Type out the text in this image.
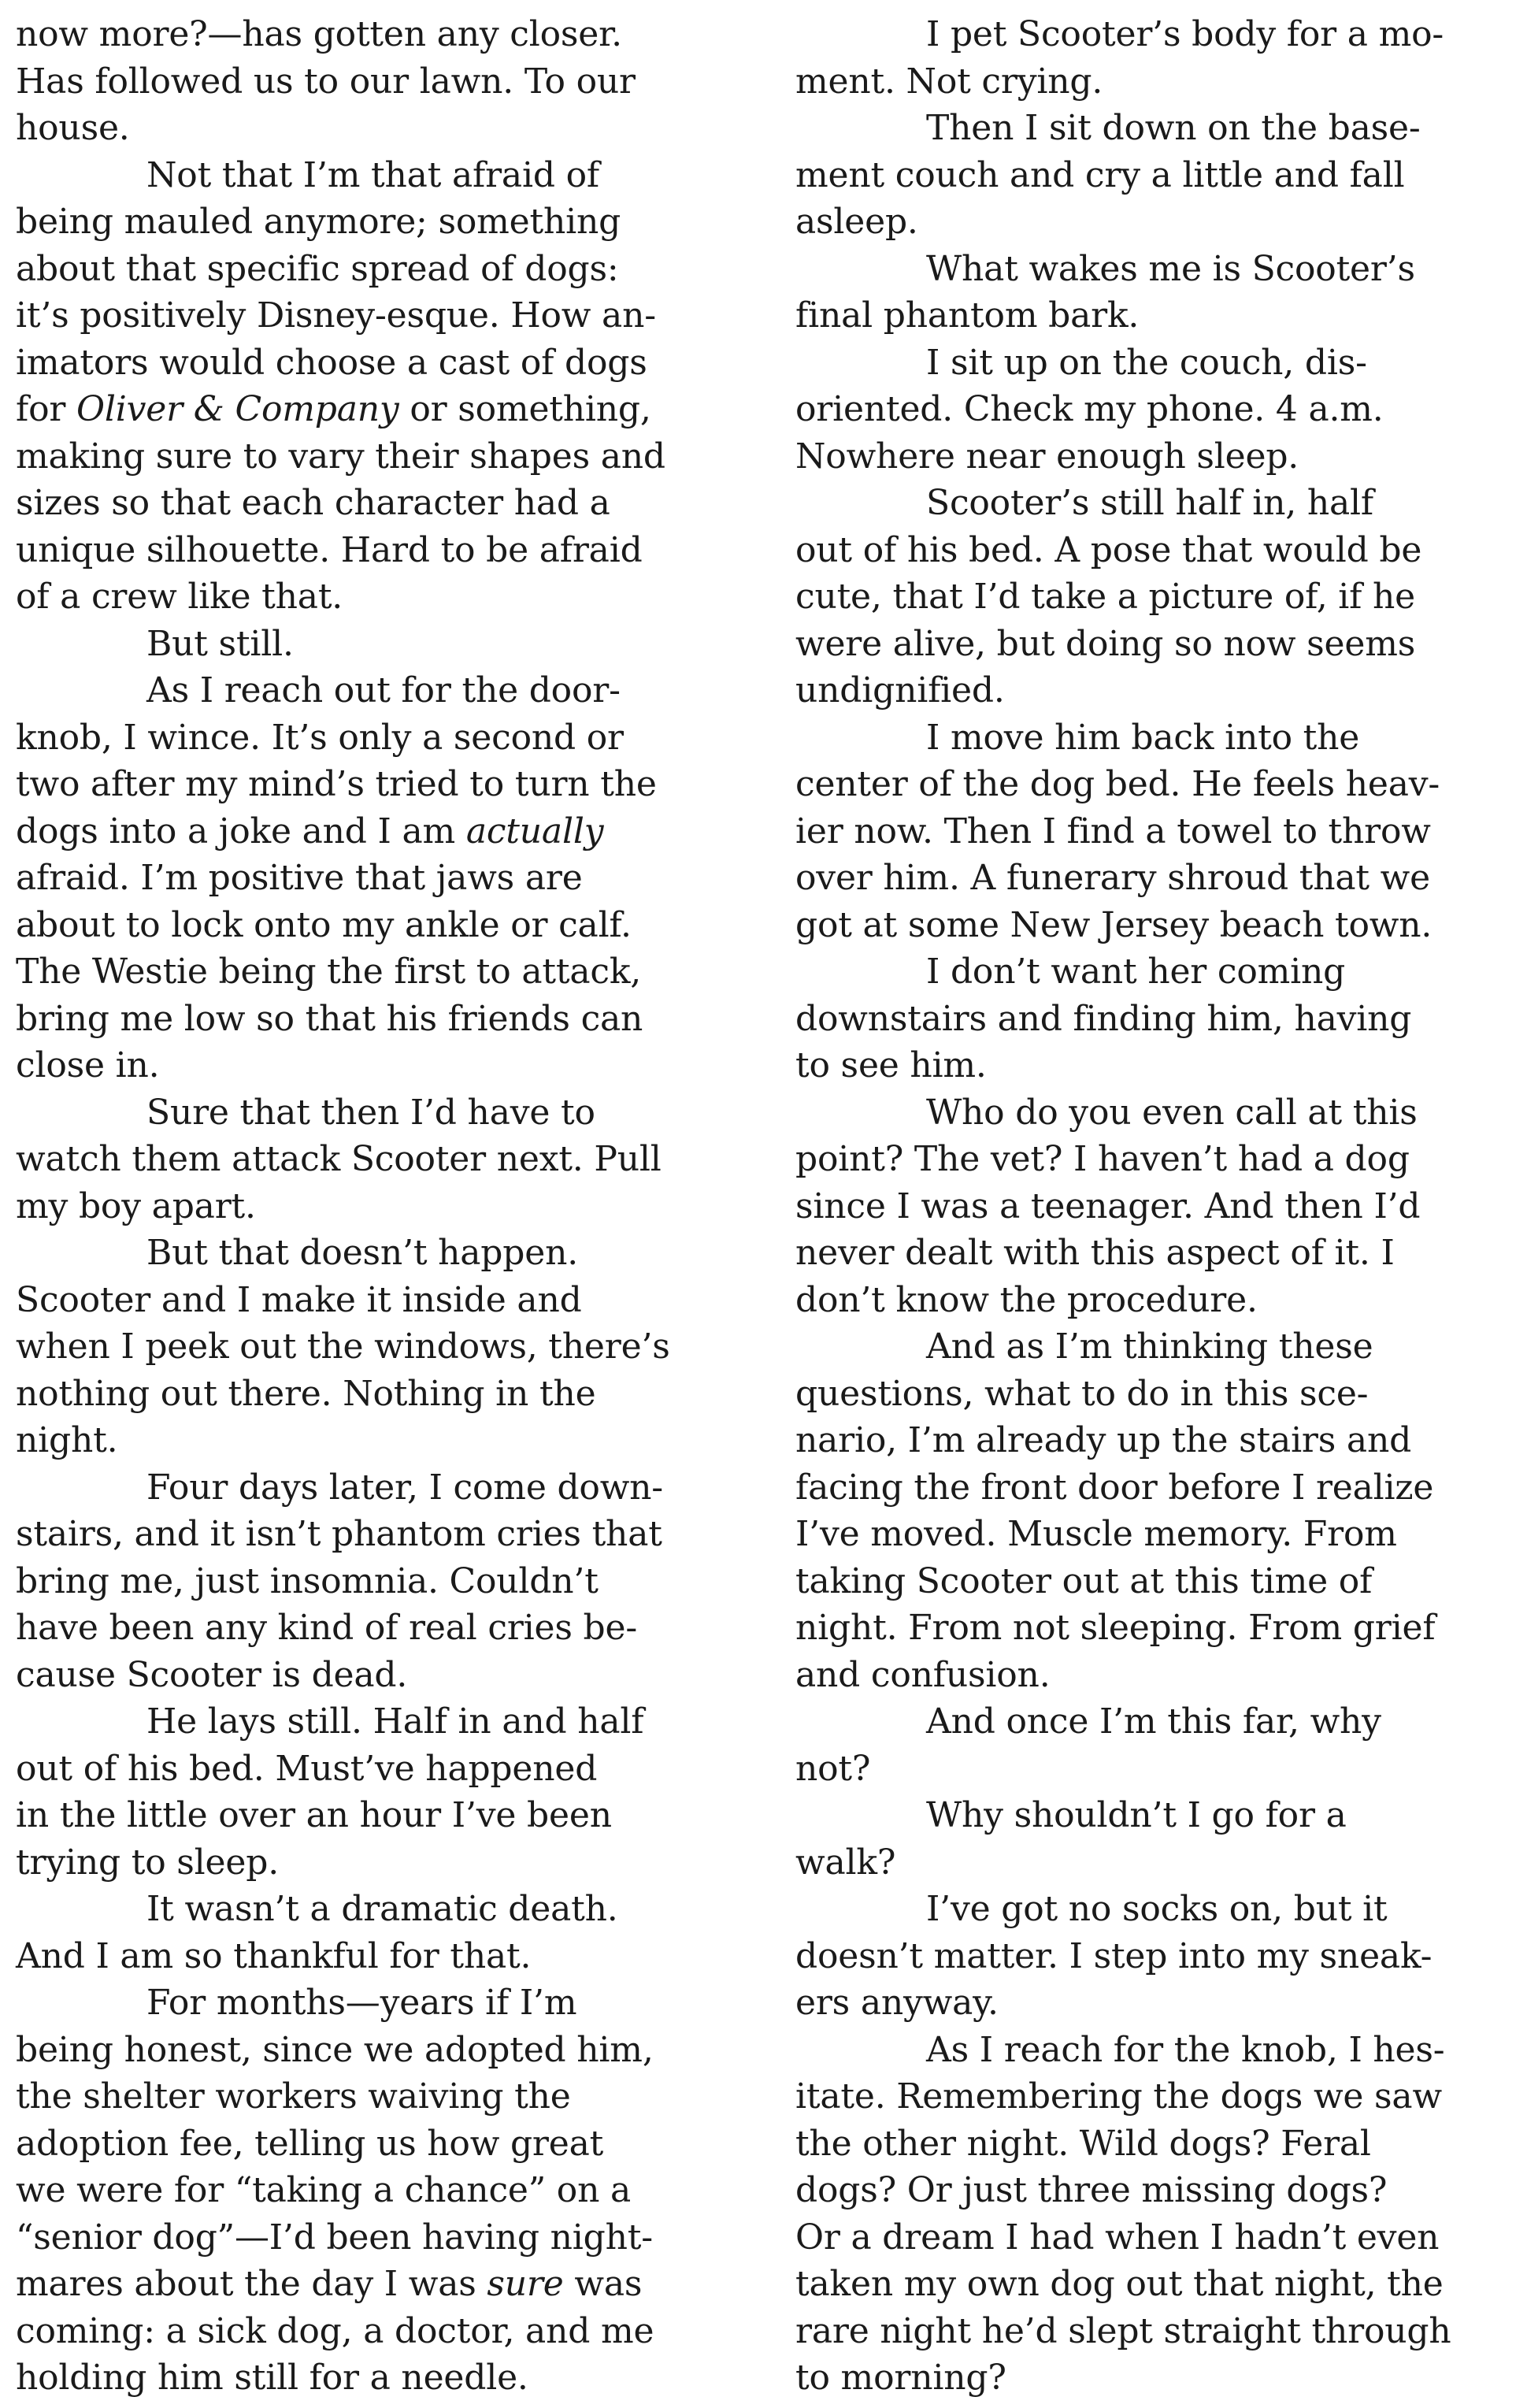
now more?—has gotten any closer.
Has followed us to our lawn. To our
house.
Not that I’m that afraid of
being mauled anymore; something
about that specific spread of dogs:
it’s positively Disney-esque. How an-
imators would choose a cast of dogs
for Oliver & Company or something,
making sure to vary their shapes and
sizes so that each character had a
unique silhouette. Hard to be afraid
of a crew like that.
But still.
As I reach out for the door-
knob, I wince. It’s only a second or
two after my mind’s tried to turn the
dogs into a joke and I am actually
afraid. I’m positive that jaws are
about to lock onto my ankle or calf.
The Westie being the first to attack,
bring me low so that his friends can
close in.
Sure that then I’d have to
watch them attack Scooter next. Pull
my boy apart.
But that doesn’t happen.
Scooter and I make it inside and
when I peek out the windows, there’s
nothing out there. Nothing in the
night.
Four days later, I come down-
stairs, and it isn’t phantom cries that
bring me, just insomnia. Couldn’t
have been any kind of real cries be-
cause Scooter is dead.
He lays still. Half in and half
out of his bed. Must’ve happened
in the little over an hour I’ve been
trying to sleep.
It wasn’t a dramatic death.
And I am so thankful for that.
For months—years if I’m
being honest, since we adopted him,
the shelter workers waiving the
adoption fee, telling us how great
we were for “taking a chance” on a
“senior dog”—I’d been having night-
mares about the day I was sure was
coming: a sick dog, a doctor, and me
holding him still for a needle.
I pet Scooter’s body for a mo-
ment. Not crying.
Then I sit down on the base-
ment couch and cry a little and fall
asleep.
What wakes me is Scooter’s
final phantom bark.
I sit up on the couch, dis-
oriented. Check my phone. 4 a.m.
Nowhere near enough sleep.
Scooter’s still half in, half
out of his bed. A pose that would be
cute, that I’d take a picture of, if he
were alive, but doing so now seems
undignified.
I move him back into the
center of the dog bed. He feels heav-
ier now. Then I find a towel to throw
over him. A funerary shroud that we
got at some New Jersey beach town.
I don’t want her coming
downstairs and finding him, having
to see him.
Who do you even call at this
point? The vet? I haven’t had a dog
since I was a teenager. And then I’d
never dealt with this aspect of it. I
don’t know the procedure.
And as I’m thinking these
questions, what to do in this sce-
nario, I’m already up the stairs and
facing the front door before I realize
I’ve moved. Muscle memory. From
taking Scooter out at this time of
night. From not sleeping. From grief
and confusion.
And once I’m this far, why
not?
Why shouldn’t I go for a
walk?
I’ve got no socks on, but it
doesn’t matter. I step into my sneak-
ers anyway.
As I reach for the knob, I hes-
itate. Remembering the dogs we saw
the other night. Wild dogs? Feral
dogs? Or just three missing dogs?
Or a dream I had when I hadn’t even
taken my own dog out that night, the
rare night he’d slept straight through
to morning?
